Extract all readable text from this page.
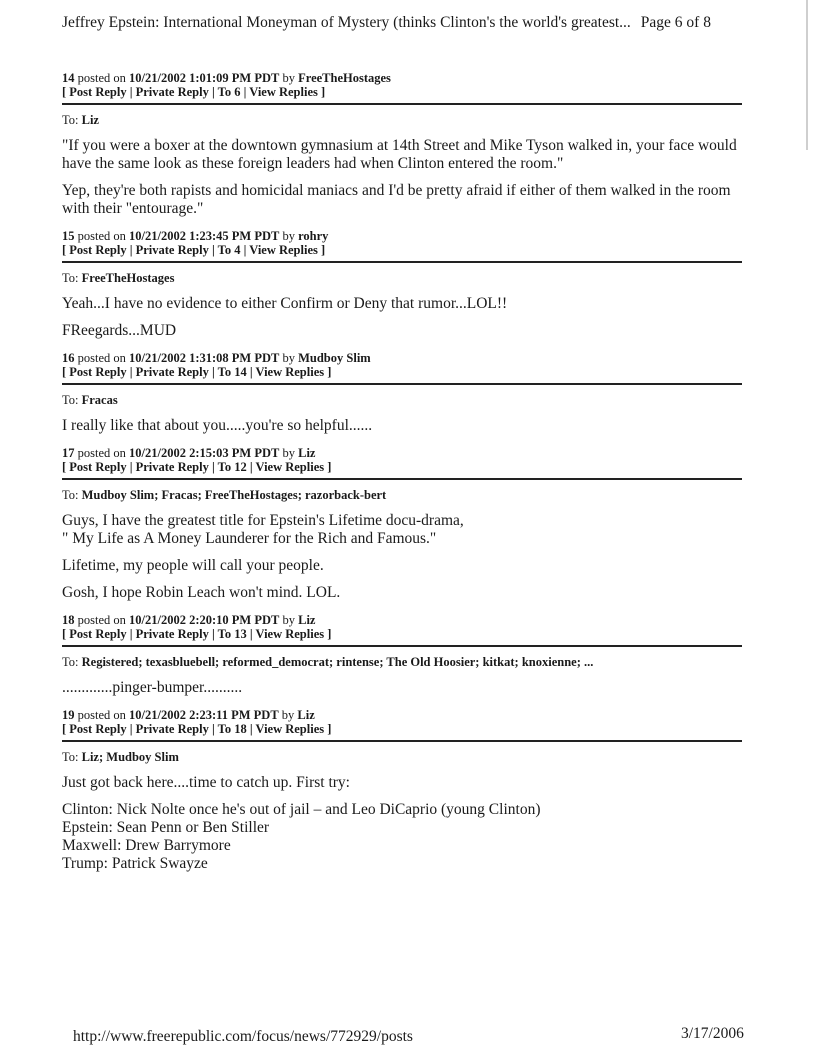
Jeffrey Epstein: International Moneyman of Mystery (thinks Clinton's the world's greatest... Page 6 of 8
14 posted on 10/21/2002 1:01:09 PM PDT by FreeTheHostages
[ Post Reply | Private Reply | To 6 | View Replies ]
To: Liz

"If you were a boxer at the downtown gymnasium at 14th Street and Mike Tyson walked in, your face would have the same look as these foreign leaders had when Clinton entered the room."

Yep, they're both rapists and homicidal maniacs and I'd be pretty afraid if either of them walked in the room with their "entourage."

15 posted on 10/21/2002 1:23:45 PM PDT by rohry
[ Post Reply | Private Reply | To 4 | View Replies ]
To: FreeTheHostages

Yeah...I have no evidence to either Confirm or Deny that rumor...LOL!!

FReegards...MUD

16 posted on 10/21/2002 1:31:08 PM PDT by Mudboy Slim
[ Post Reply | Private Reply | To 14 | View Replies ]
To: Fracas

I really like that about you.....you're so helpful......

17 posted on 10/21/2002 2:15:03 PM PDT by Liz
[ Post Reply | Private Reply | To 12 | View Replies ]
To: Mudboy Slim; Fracas; FreeTheHostages; razorback-bert

Guys, I have the greatest title for Epstein's Lifetime docu-drama,
" My Life as A Money Launderer for the Rich and Famous."

Lifetime, my people will call your people.

Gosh, I hope Robin Leach won't mind. LOL.

18 posted on 10/21/2002 2:20:10 PM PDT by Liz
[ Post Reply | Private Reply | To 13 | View Replies ]
To: Registered; texasbluebell; reformed_democrat; rintense; The Old Hoosier; kitkat; knoxienne; ...

.............pinger-bumper..........

19 posted on 10/21/2002 2:23:11 PM PDT by Liz
[ Post Reply | Private Reply | To 18 | View Replies ]
To: Liz; Mudboy Slim

Just got back here....time to catch up. First try:

Clinton: Nick Nolte once he's out of jail – and Leo DiCaprio (young Clinton)
Epstein: Sean Penn or Ben Stiller
Maxwell: Drew Barrymore
Trump: Patrick Swayze

http://www.freerepublic.com/focus/news/772929/posts	3/17/2006
